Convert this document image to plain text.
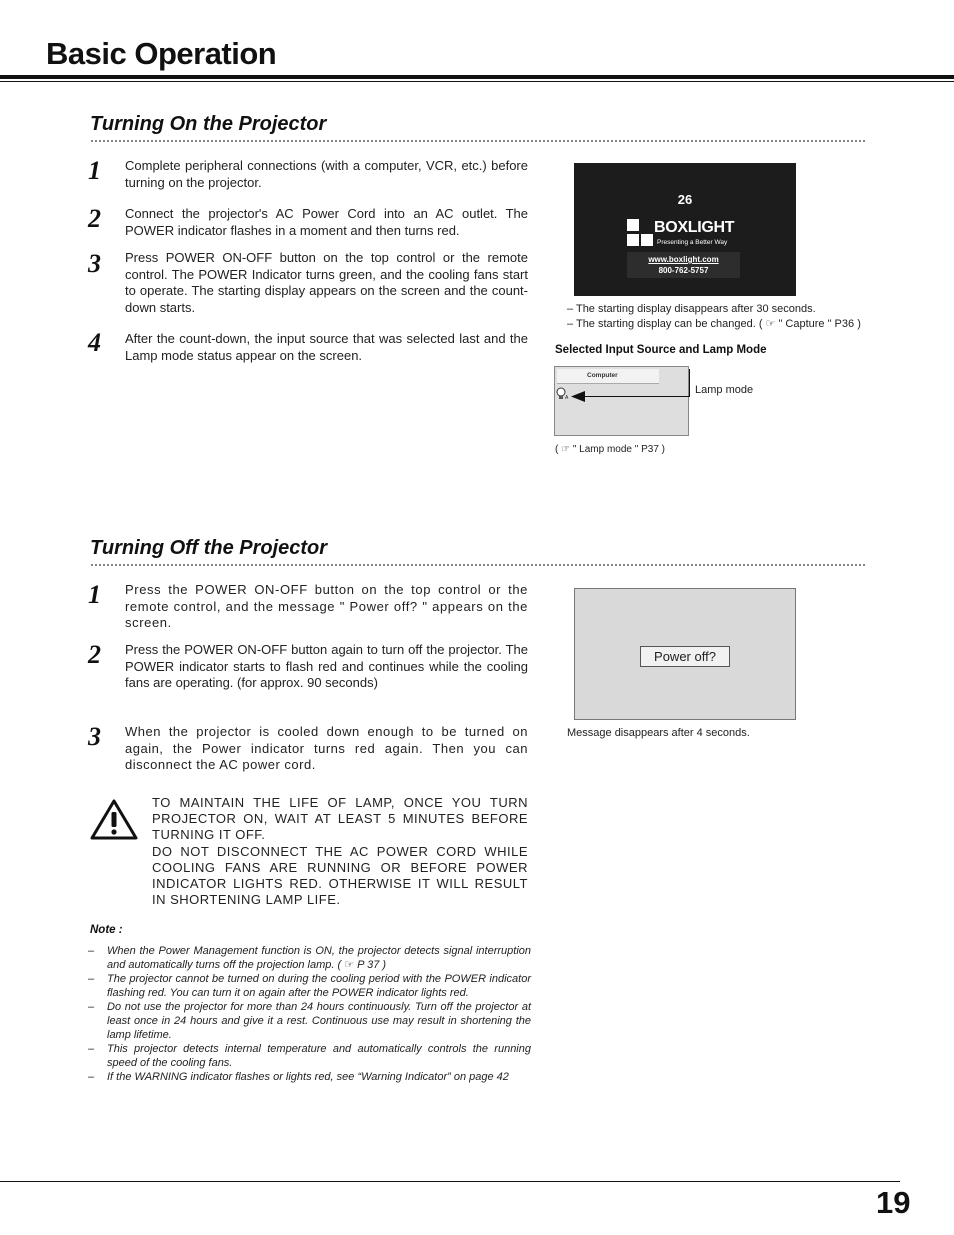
Basic Operation
Turning On the Projector
1 Complete peripheral connections (with a computer, VCR, etc.) before turning on the projector.
2 Connect the projector's AC Power Cord into an AC outlet. The POWER indicator flashes in a moment and then turns red.
3 Press POWER ON-OFF button on the top control or the remote control. The POWER Indicator turns green, and the cooling fans start to operate. The starting display appears on the screen and the count-down starts.
4 After the count-down, the input source that was selected last and the Lamp mode status appear on the screen.
26
BOXLIGHT
Presenting a Better Way
www.boxlight.com
800-762-5757
– The starting display disappears after 30 seconds.
– The starting display can be changed. ( ☞ " Capture " P36 )
Selected Input Source and Lamp Mode
Computer
A
Lamp mode
( ☞ " Lamp mode " P37 )
Turning Off the Projector
1 Press the POWER ON-OFF button on the top control or the remote control, and the message " Power off? " appears on the screen.
2 Press the POWER ON-OFF button again to turn off the projector. The POWER indicator starts to flash red and continues while the cooling fans are operating. (for approx. 90 seconds)
3 When the projector is cooled down enough to be turned on again, the Power indicator turns red again. Then you can disconnect the AC power cord.
Power off?
Message disappears after 4 seconds.
TO MAINTAIN THE LIFE OF LAMP, ONCE YOU TURN PROJECTOR ON, WAIT AT LEAST 5 MINUTES BEFORE TURNING IT OFF.
DO NOT DISCONNECT THE AC POWER CORD WHILE COOLING FANS ARE RUNNING OR BEFORE POWER INDICATOR LIGHTS RED. OTHERWISE IT WILL RESULT IN SHORTENING LAMP LIFE.
Note :
– When the Power Management function is ON, the projector detects signal interruption and automatically turns off the projection lamp. ( ☞ P 37 )
– The projector cannot be turned on during the cooling period with the POWER indicator flashing red. You can turn it on again after the POWER indicator lights red.
– Do not use the projector for more than 24 hours continuously. Turn off the projector at least once in 24 hours and give it a rest. Continuous use may result in shortening the lamp lifetime.
– This projector detects internal temperature and automatically controls the running speed of the cooling fans.
– If the WARNING indicator flashes or lights red, see “Warning Indicator” on page 42
19
